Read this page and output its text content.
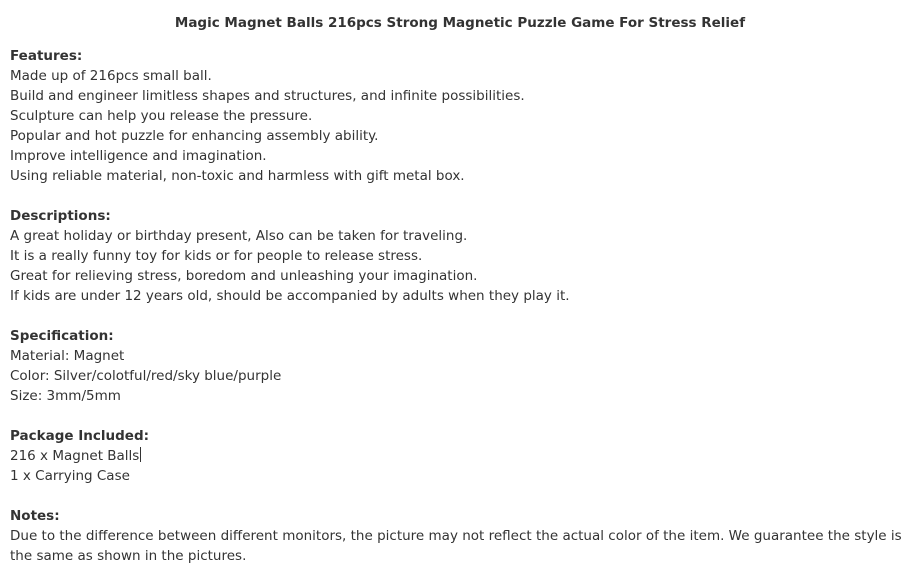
Magic Magnet Balls 216pcs Strong Magnetic Puzzle Game For Stress Relief
Features:
Made up of 216pcs small ball.
Build and engineer limitless shapes and structures, and infinite possibilities.
Sculpture can help you release the pressure.
Popular and hot puzzle for enhancing assembly ability.
Improve intelligence and imagination.
Using reliable material, non-toxic and harmless with gift metal box.
Descriptions:
A great holiday or birthday present, Also can be taken for traveling.
It is a really funny toy for kids or for people to release stress.
Great for relieving stress, boredom and unleashing your imagination.
If kids are under 12 years old, should be accompanied by adults when they play it.
Specification:
Material: Magnet
Color: Silver/colotful/red/sky blue/purple
Size: 3mm/5mm
Package Included:
216 x Magnet Balls
1 x Carrying Case
Notes:
Due to the difference between different monitors, the picture may not reflect the actual color of the item. We guarantee the style is the same as shown in the pictures.
